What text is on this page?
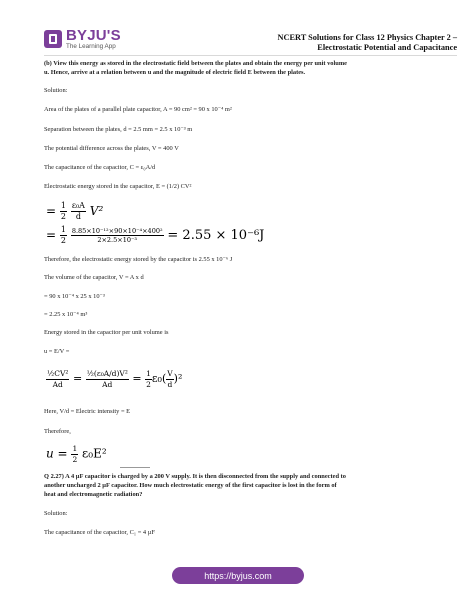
BYJU'S
The Learning App
NCERT Solutions for Class 12 Physics Chapter 2 –
Electrostatic Potential and Capacitance
(b) View this energy as stored in the electrostatic field between the plates and obtain the energy per unit volume
u. Hence, arrive at a relation between u and the magnitude of electric field E between the plates.
Solution:
Area of the plates of a parallel plate capacitor, A = 90 cm² = 90 x 10⁻⁴ m²
Separation between the plates, d = 2.5 mm = 2.5 x 10⁻³ m
The potential difference across the plates, V = 400 V
The capacitance of the capacitor, C = ε₀A/d
Electrostatic energy stored in the capacitor, E = (1/2) CV²
= $\frac{1}{2}$
$\frac{\text{ε₀A}}{d} V^2$
= $\frac{1}{2}$
$\frac{\text{8.85×10⁻¹²×90×10⁻⁴×400²}}{\text{2×2.5×10⁻³}} = 2.55 \times 10^{-6}J$
Therefore, the electrostatic energy stored by the capacitor is 2.55 x 10⁻⁶ J
The volume of the capacitor, V = A x d
= 90 x 10⁻⁴ x 25 x 10⁻³
= 2.25 x 10⁻⁴ m³
Energy stored in the capacitor per unit volume is
u = E/V =
$\frac{\text{½CV²}}{Ad} = \frac{\text{½(ε₀A/d)V²}}{Ad} = \frac{1}{2} \varepsilon_0( \frac{V}{d} )^2$
Here, V/d = Electric intensity = E
Therefore,
$u = \frac{1}{2} \varepsilon_0E^2$
Q 2.27) A 4 µF capacitor is charged by a 200 V supply. It is then disconnected from the supply and connected to
another uncharged 2 µF capacitor. How much electrostatic energy of the first capacitor is lost in the form of
heat and electromagnetic radiation?
Solution:
The capacitance of the capacitor, C₁ = 4 µF
https://byjus.com
